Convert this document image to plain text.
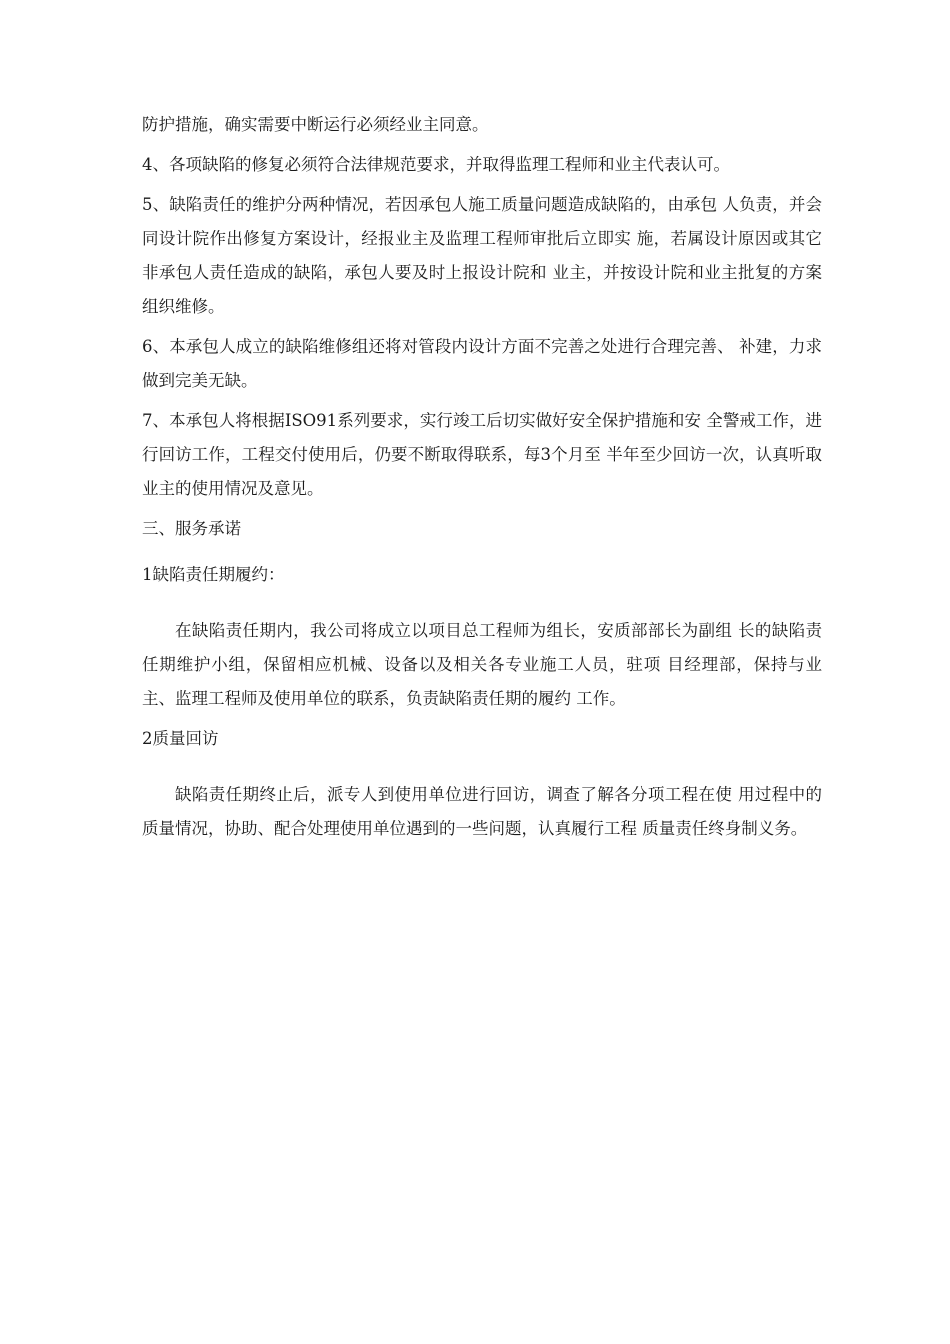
防护措施，确实需要中断运行必须经业主同意。

4、各项缺陷的修复必须符合法律规范要求，并取得监理工程师和业主代表认可。

5、缺陷责任的维护分两种情况，若因承包人施工质量问题造成缺陷的，由承包 人负责，并会同设计院作出修复方案设计，经报业主及监理工程师审批后立即实 施，若属设计原因或其它非承包人责任造成的缺陷，承包人要及时上报设计院和 业主，并按设计院和业主批复的方案组织维修。

6、本承包人成立的缺陷维修组还将对管段内设计方面不完善之处进行合理完善、 补建，力求做到完美无缺。

7、本承包人将根据ISO91系列要求，实行竣工后切实做好安全保护措施和安 全警戒工作，进行回访工作，工程交付使用后，仍要不断取得联系，每3个月至 半年至少回访一次，认真听取业主的使用情况及意见。

三、服务承诺

1缺陷责任期履约：

在缺陷责任期内，我公司将成立以项目总工程师为组长，安质部部长为副组 长的缺陷责任期维护小组，保留相应机械、设备以及相关各专业施工人员，驻项 目经理部，保持与业主、监理工程师及使用单位的联系，负责缺陷责任期的履约 工作。

2质量回访

缺陷责任期终止后，派专人到使用单位进行回访，调查了解各分项工程在使 用过程中的质量情况，协助、配合处理使用单位遇到的一些问题，认真履行工程 质量责任终身制义务。
